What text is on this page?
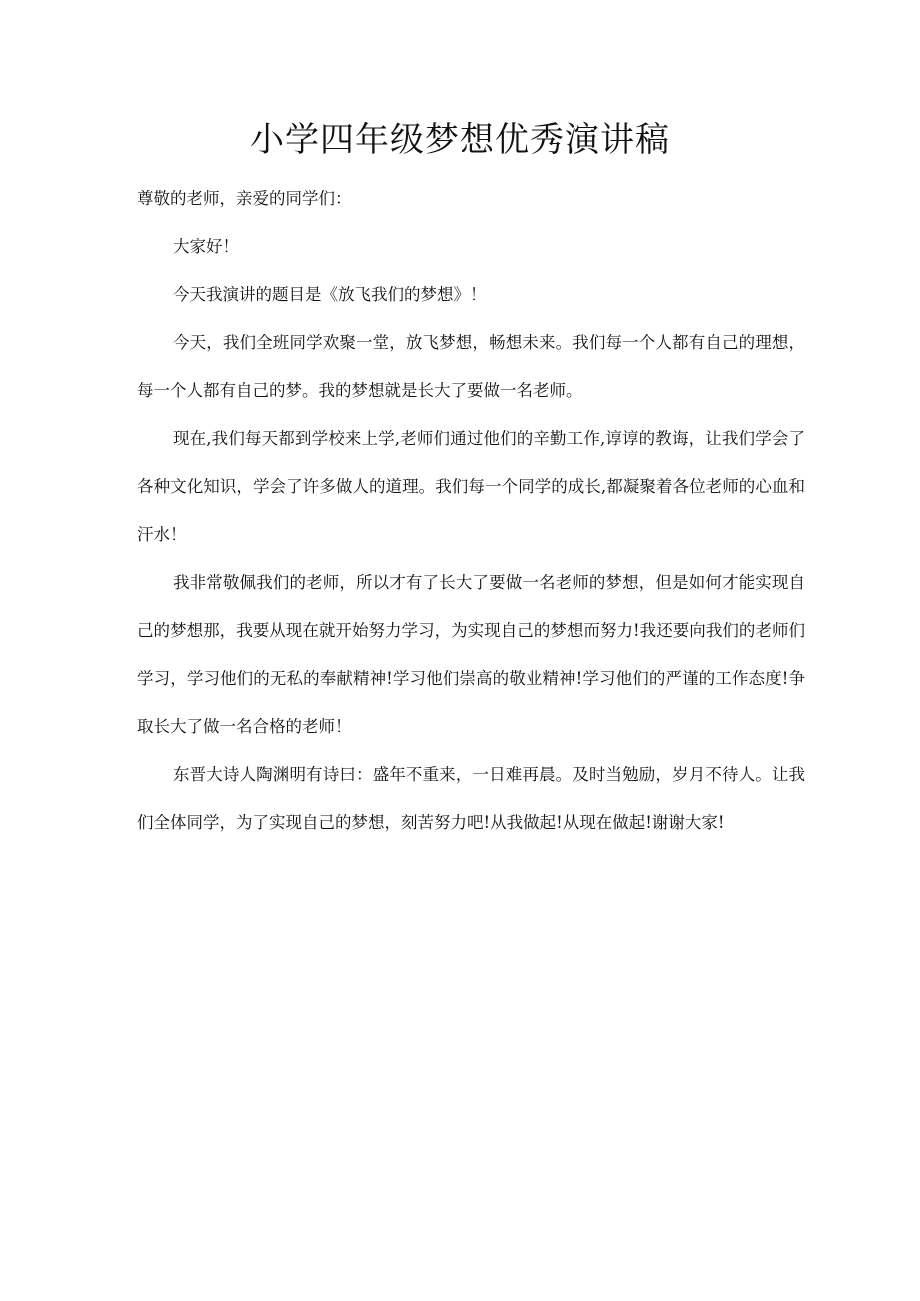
小学四年级梦想优秀演讲稿

尊敬的老师，亲爱的同学们：

大家好！

今天我演讲的题目是《放飞我们的梦想》！

今天，我们全班同学欢聚一堂，放飞梦想，畅想未来。我们每一个人都有自己的理想，每一个人都有自己的梦。我的梦想就是长大了要做一名老师。

现在,我们每天都到学校来上学,老师们通过他们的辛勤工作,谆谆的教诲，让我们学会了各种文化知识，学会了许多做人的道理。我们每一个同学的成长,都凝聚着各位老师的心血和汗水！

我非常敬佩我们的老师，所以才有了长大了要做一名老师的梦想，但是如何才能实现自己的梦想那，我要从现在就开始努力学习，为实现自己的梦想而努力!我还要向我们的老师们学习，学习他们的无私的奉献精神!学习他们崇高的敬业精神!学习他们的严谨的工作态度!争取长大了做一名合格的老师！

东晋大诗人陶渊明有诗曰：盛年不重来，一日难再晨。及时当勉励，岁月不待人。让我们全体同学，为了实现自己的梦想，刻苦努力吧!从我做起!从现在做起!谢谢大家!
